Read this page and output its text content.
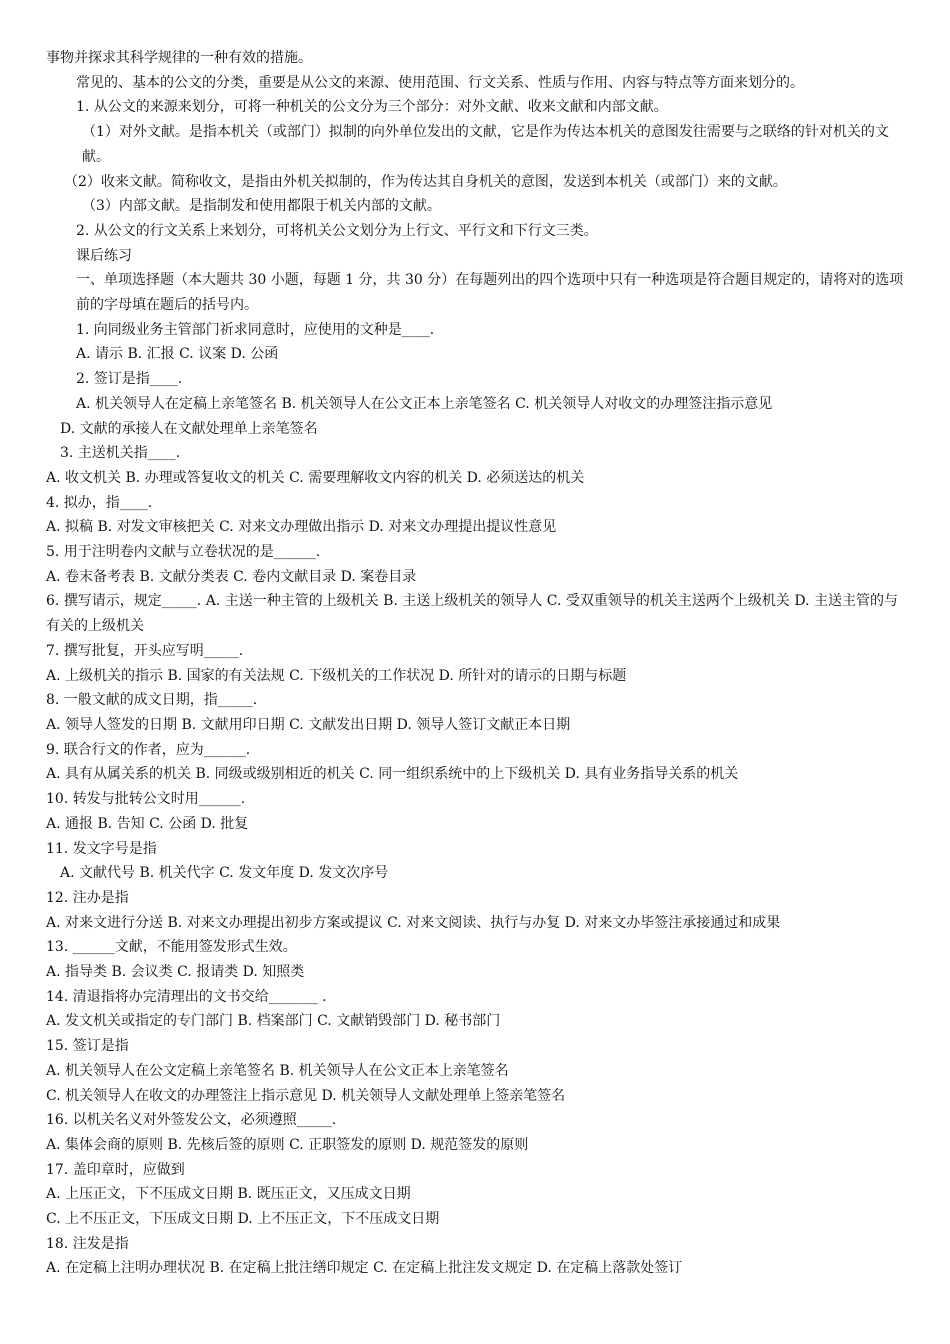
事物并探求其科学规律的一种有效的措施。
常见的、基本的公文的分类，重要是从公文的来源、使用范围、行文关系、性质与作用、内容与特点等方面来划分的。
1. 从公文的来源来划分，可将一种机关的公文分为三个部分：对外文献、收来文献和内部文献。
（1）对外文献。是指本机关（或部门）拟制的向外单位发出的文献，它是作为传达本机关的意图发往需要与之联络的针对机关的文献。
（2）收来文献。简称收文，是指由外机关拟制的，作为传达其自身机关的意图，发送到本机关（或部门）来的文献。
（3）内部文献。是指制发和使用都限于机关内部的文献。
2. 从公文的行文关系上来划分，可将机关公文划分为上行文、平行文和下行文三类。
课后练习
一、单项选择题（本大题共 30 小题，每题 1 分，共 30 分）在每题列出的四个选项中只有一种选项是符合题目规定的，请将对的选项前的字母填在题后的括号内。
1. 向同级业务主管部门祈求同意时，应使用的文种是____.
A. 请示 B. 汇报 C. 议案 D. 公函
2. 签订是指____.
A. 机关领导人在定稿上亲笔签名 B. 机关领导人在公文正本上亲笔签名 C. 机关领导人对收文的办理签注指示意见
D. 文献的承接人在文献处理单上亲笔签名
3. 主送机关指____.
A. 收文机关 B. 办理或答复收文的机关 C. 需要理解收文内容的机关 D. 必须送达的机关
4. 拟办，指____.
A. 拟稿 B. 对发文审核把关 C. 对来文办理做出指示 D. 对来文办理提出提议性意见
5. 用于注明卷内文献与立卷状况的是______.
A. 卷末备考表 B. 文献分类表 C. 卷内文献目录 D. 案卷目录
6. 撰写请示，规定_____. A. 主送一种主管的上级机关 B. 主送上级机关的领导人 C. 受双重领导的机关主送两个上级机关 D. 主送主管的与有关的上级机关
7. 撰写批复，开头应写明_____.
A. 上级机关的指示 B. 国家的有关法规 C. 下级机关的工作状况 D. 所针对的请示的日期与标题
8. 一般文献的成文日期，指_____.
A. 领导人签发的日期 B. 文献用印日期 C. 文献发出日期 D. 领导人签订文献正本日期
9. 联合行文的作者，应为______.
A. 具有从属关系的机关 B. 同级或级别相近的机关 C. 同一组织系统中的上下级机关 D. 具有业务指导关系的机关
10. 转发与批转公文时用______.
A. 通报 B. 告知 C. 公函 D. 批复
11. 发文字号是指
A. 文献代号 B. 机关代字 C. 发文年度 D. 发文次序号
12. 注办是指
A. 对来文进行分送 B. 对来文办理提出初步方案或提议 C. 对来文阅读、执行与办复 D. 对来文办毕签注承接通过和成果
13. ______文献，不能用签发形式生效。
A. 指导类 B. 会议类 C. 报请类 D. 知照类
14. 清退指将办完清理出的文书交给_______ .
A. 发文机关或指定的专门部门 B. 档案部门 C. 文献销毁部门 D. 秘书部门
15. 签订是指
A. 机关领导人在公文定稿上亲笔签名 B. 机关领导人在公文正本上亲笔签名
C. 机关领导人在收文的办理签注上指示意见 D. 机关领导人文献处理单上签亲笔签名
16. 以机关名义对外签发公文，必须遵照_____.
A. 集体会商的原则 B. 先核后签的原则 C. 正职签发的原则 D. 规范签发的原则
17. 盖印章时，应做到
A. 上压正文，下不压成文日期 B. 既压正文，又压成文日期
C. 上不压正文，下压成文日期 D. 上不压正文，下不压成文日期
18. 注发是指
A. 在定稿上注明办理状况 B. 在定稿上批注缮印规定 C. 在定稿上批注发文规定 D. 在定稿上落款处签订
